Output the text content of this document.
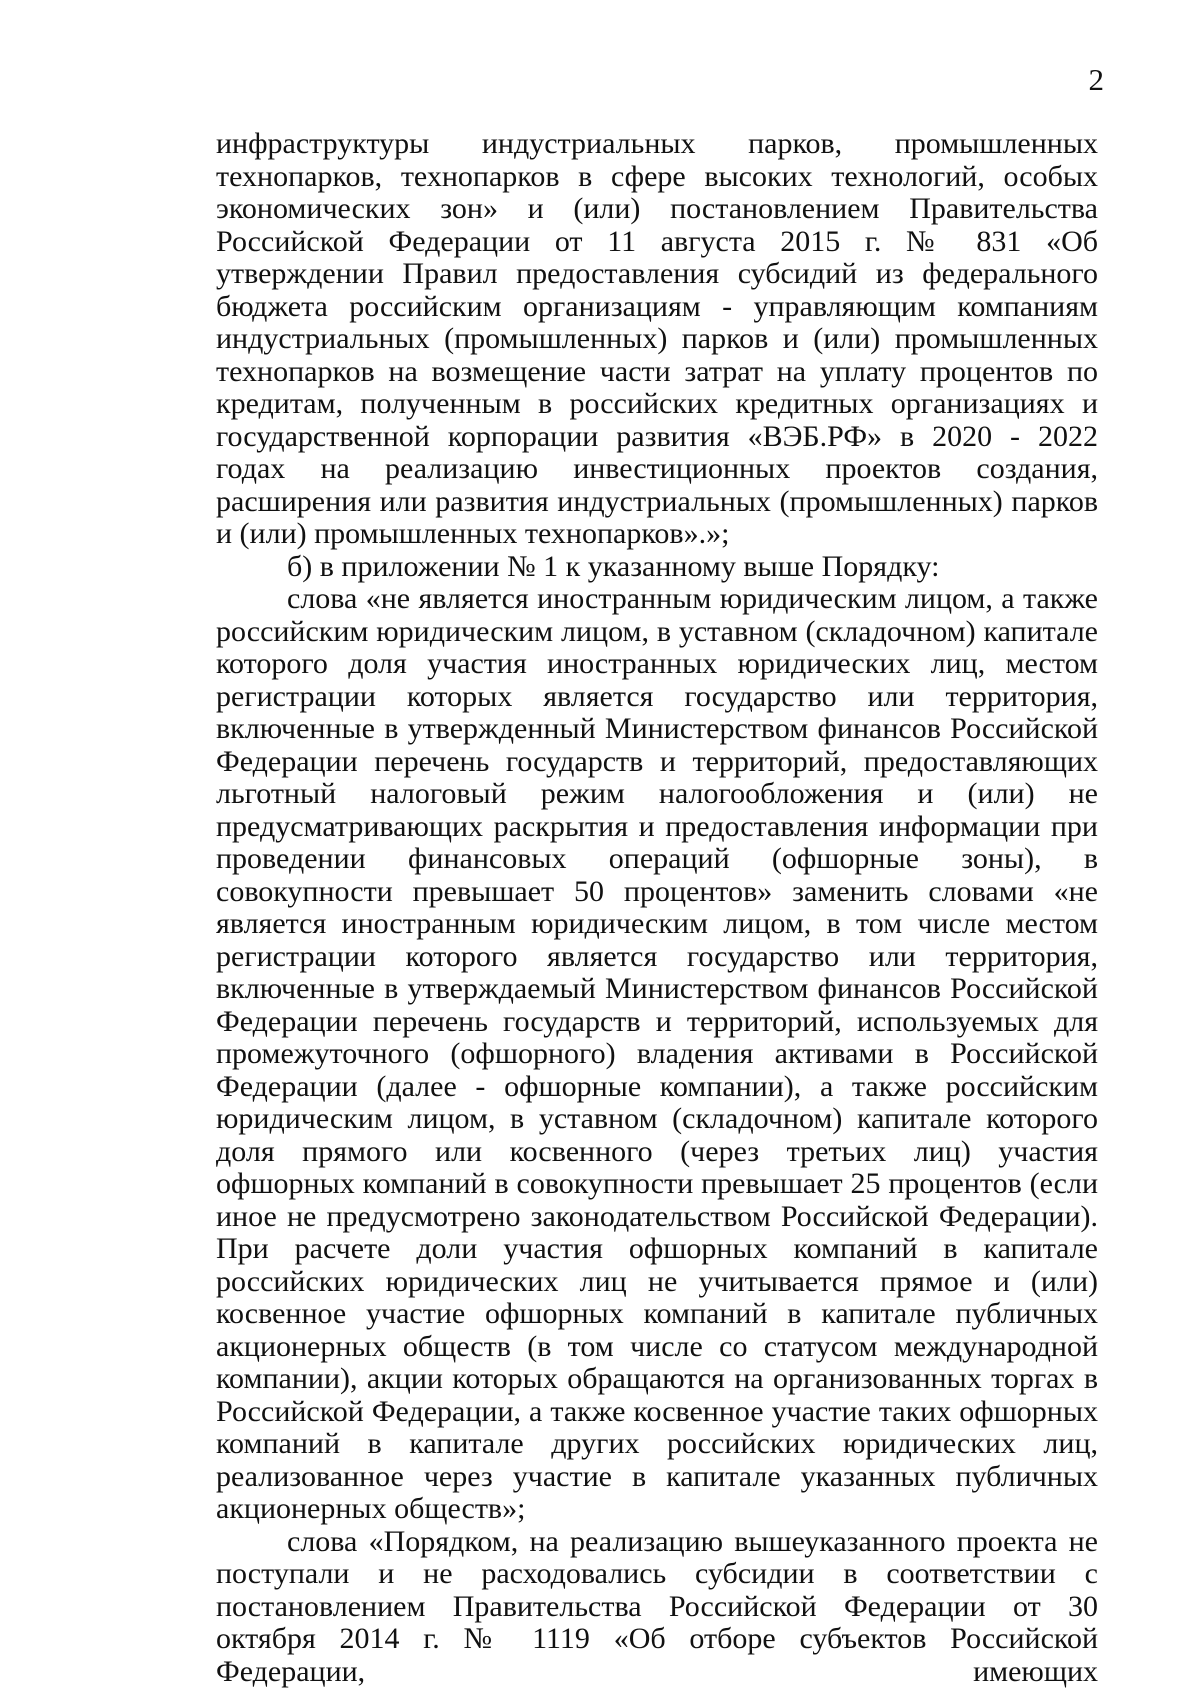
2

инфраструктуры индустриальных парков, промышленных технопарков, технопарков в сфере высоких технологий, особых экономических зон» и (или) постановлением Правительства Российской Федерации от 11 августа 2015 г. № 831 «Об утверждении Правил предоставления субсидий из федерального бюджета российским организациям - управляющим компаниям индустриальных (промышленных) парков и (или) промышленных технопарков на возмещение части затрат на уплату процентов по кредитам, полученным в российских кредитных организациях и государственной корпорации развития «ВЭБ.РФ» в 2020 - 2022 годах на реализацию инвестиционных проектов создания, расширения или развития индустриальных (промышленных) парков и (или) промышленных технопарков».»;

б) в приложении № 1 к указанному выше Порядку:

слова «не является иностранным юридическим лицом, а также российским юридическим лицом, в уставном (складочном) капитале которого доля участия иностранных юридических лиц, местом регистрации которых является государство или территория, включенные в утвержденный Министерством финансов Российской Федерации перечень государств и территорий, предоставляющих льготный налоговый режим налогообложения и (или) не предусматривающих раскрытия и предоставления информации при проведении финансовых операций (офшорные зоны), в совокупности превышает 50 процентов» заменить словами «не является иностранным юридическим лицом, в том числе местом регистрации которого является государство или территория, включенные в утверждаемый Министерством финансов Российской Федерации перечень государств и территорий, используемых для промежуточного (офшорного) владения активами в Российской Федерации (далее - офшорные компании), а также российским юридическим лицом, в уставном (складочном) капитале которого доля прямого или косвенного (через третьих лиц) участия офшорных компаний в совокупности превышает 25 процентов (если иное не предусмотрено законодательством Российской Федерации). При расчете доли участия офшорных компаний в капитале российских юридических лиц не учитывается прямое и (или) косвенное участие офшорных компаний в капитале публичных акционерных обществ (в том числе со статусом международной компании), акции которых обращаются на организованных торгах в Российской Федерации, а также косвенное участие таких офшорных компаний в капитале других российских юридических лиц, реализованное через участие в капитале указанных публичных акционерных обществ»;

слова «Порядком, на реализацию вышеуказанного проекта не поступали и не расходовались субсидии в соответствии с постановлением Правительства Российской Федерации от 30 октября 2014 г. № 1119 «Об отборе субъектов Российской Федерации, имеющих
